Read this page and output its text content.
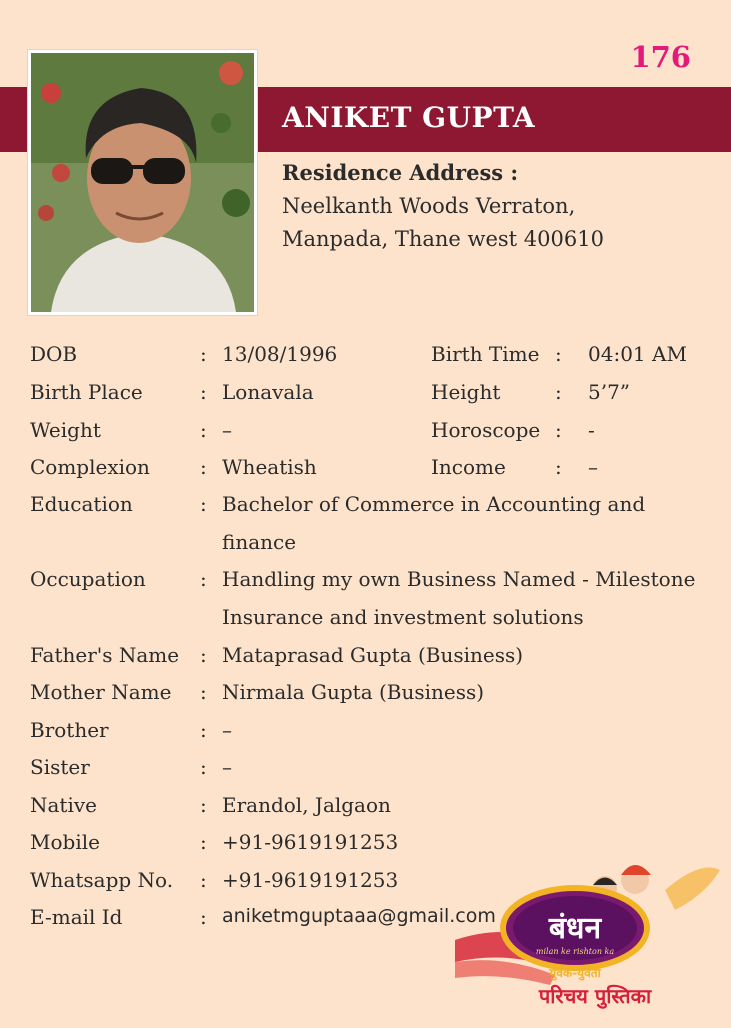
176
ANIKET GUPTA
Residence Address :
Neelkanth Woods Verraton,
Manpada, Thane west 400610
DOB	: 13/08/1996	Birth Time : 04:01 AM
Birth Place	: Lonavala	Height	: 5’7”
Weight	: –	Horoscope : -
Complexion	: Wheatish	Income : –
Education	: Bachelor of Commerce in Accounting and
finance
Occupation	: Handling my own Business Named - Milestone
Insurance and investment solutions
Father's Name : Mataprasad Gupta (Business)
Mother Name : Nirmala Gupta (Business)
Brother	: –
Sister	: –
Native	: Erandol, Jalgaon
Mobile	: +91-9619191253
Whatsapp No. : +91-9619191253
E-mail Id	: aniketmguptaaa@gmail.com बंधन
milan ke rishton ka
युवक-युवती
परिचय पुस्तिका
